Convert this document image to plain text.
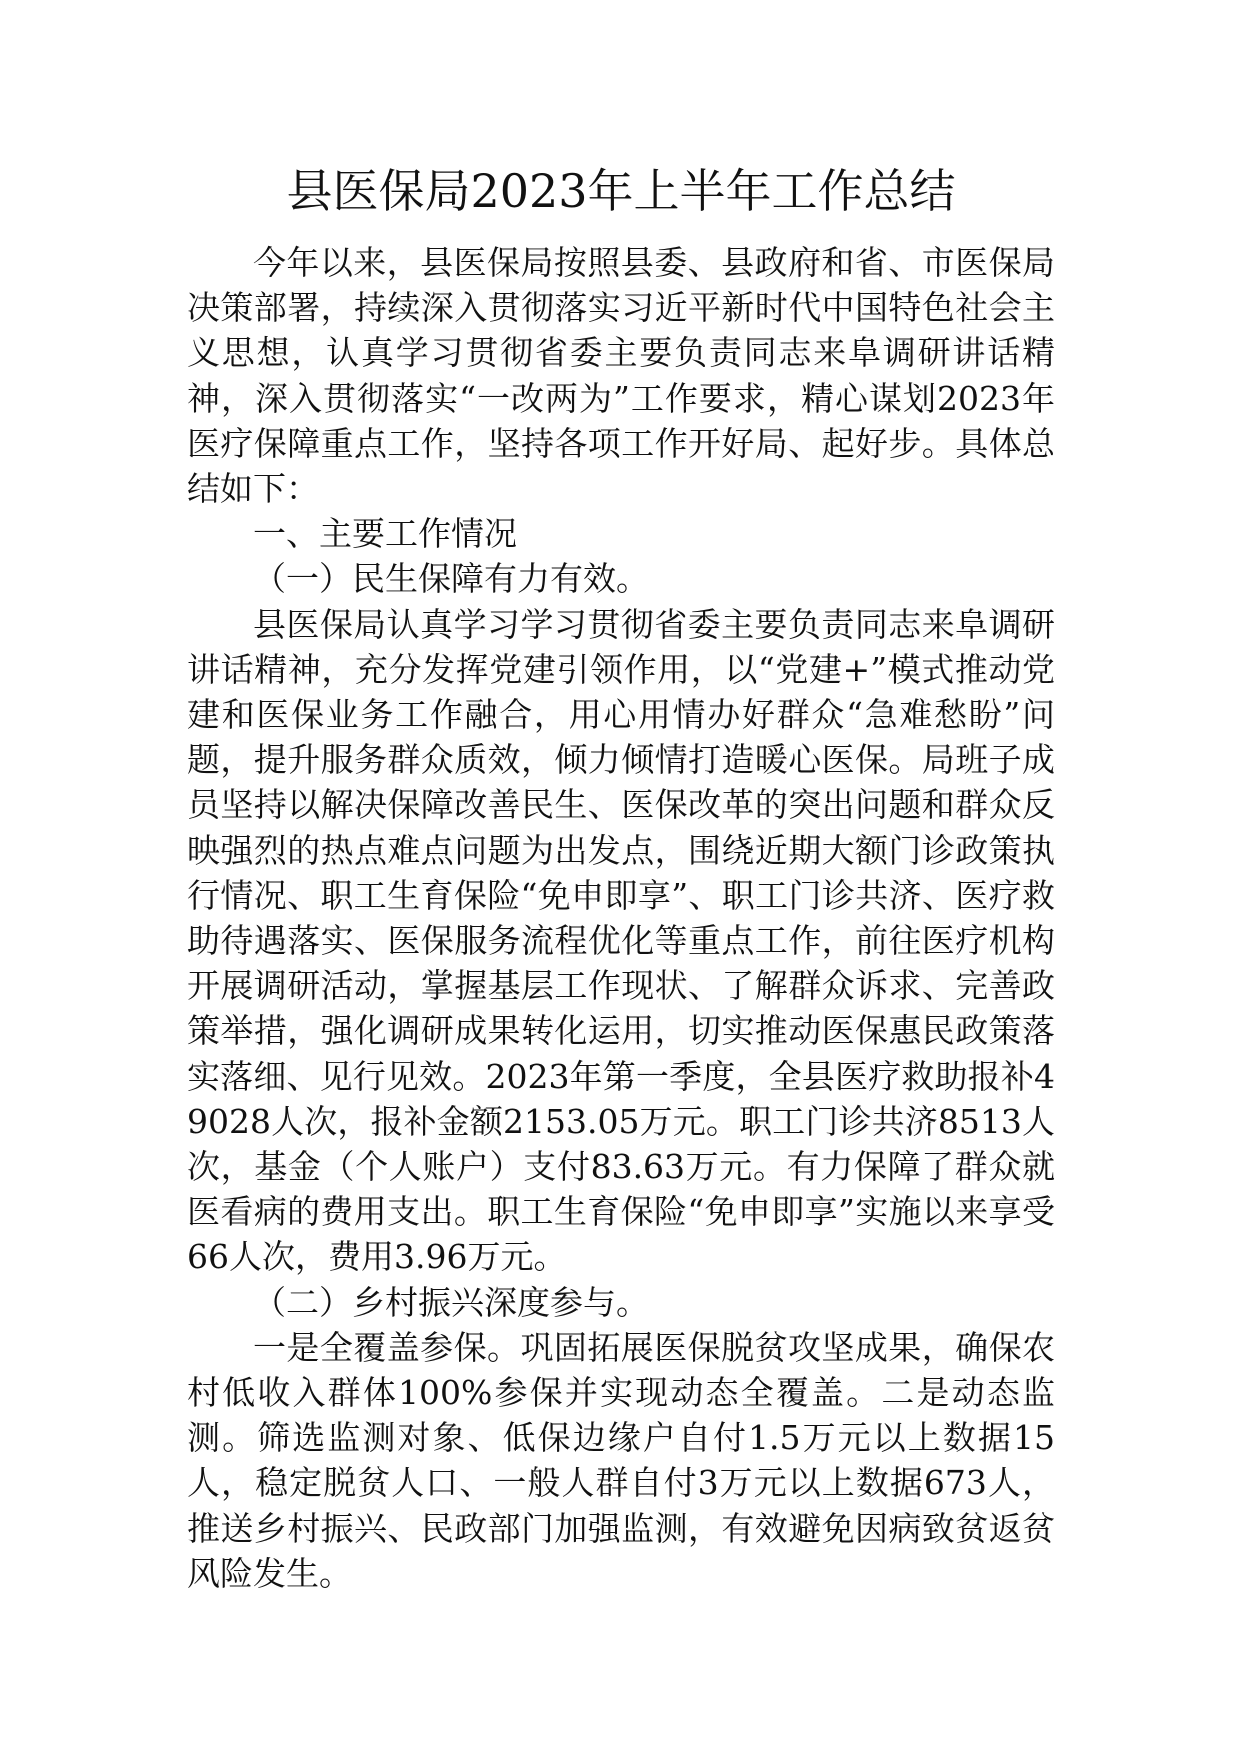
县医保局2023年上半年工作总结

今年以来，县医保局按照县委、县政府和省、市医保局决策部署，持续深入贯彻落实习近平新时代中国特色社会主义思想，认真学习贯彻省委主要负责同志来阜调研讲话精神，深入贯彻落实“一改两为”工作要求，精心谋划2023年医疗保障重点工作，坚持各项工作开好局、起好步。具体总结如下：

一、主要工作情况

（一）民生保障有力有效。

县医保局认真学习学习贯彻省委主要负责同志来阜调研讲话精神，充分发挥党建引领作用，以“党建+”模式推动党建和医保业务工作融合，用心用情办好群众“急难愁盼”问题，提升服务群众质效，倾力倾情打造暖心医保。局班子成员坚持以解决保障改善民生、医保改革的突出问题和群众反映强烈的热点难点问题为出发点，围绕近期大额门诊政策执行情况、职工生育保险“免申即享”、职工门诊共济、医疗救助待遇落实、医保服务流程优化等重点工作，前往医疗机构开展调研活动，掌握基层工作现状、了解群众诉求、完善政策举措，强化调研成果转化运用，切实推动医保惠民政策落实落细、见行见效。2023年第一季度，全县医疗救助报补49028人次，报补金额2153.05万元。职工门诊共济8513人次，基金（个人账户）支付83.63万元。有力保障了群众就医看病的费用支出。职工生育保险“免申即享”实施以来享受66人次，费用3.96万元。

（二）乡村振兴深度参与。

一是全覆盖参保。巩固拓展医保脱贫攻坚成果，确保农村低收入群体100%参保并实现动态全覆盖。二是动态监测。筛选监测对象、低保边缘户自付1.5万元以上数据15人，稳定脱贫人口、一般人群自付3万元以上数据673人，推送乡村振兴、民政部门加强监测，有效避免因病致贫返贫风险发生。
